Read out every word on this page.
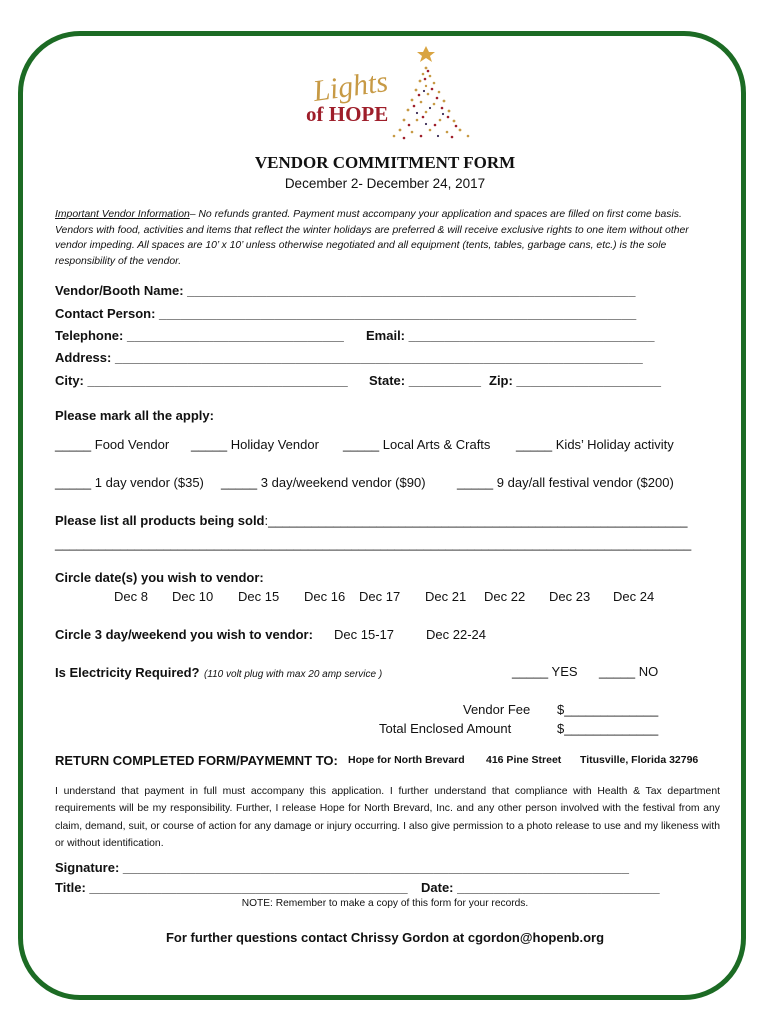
Lights
of HOPE
VENDOR COMMITMENT FORM
December 2- December 24, 2017
Important Vendor Information– No refunds granted. Payment must accompany your application and spaces are filled on first come basis. Vendors with food, activities and items that reflect the winter holidays are preferred & will receive exclusive rights to one item without other vendor impeding. All spaces are 10’ x 10’ unless otherwise negotiated and all equipment (tents, tables, garbage cans, etc.) is the sole responsibility of the vendor.
Vendor/Booth Name: ______________________________________________________________
Contact Person: __________________________________________________________________
Telephone: ______________________________ Email: __________________________________
Address: _________________________________________________________________________
City: ____________________________________ State: __________ Zip: ____________________
Please mark all the apply:
_____ Food Vendor _____ Holiday Vendor _____ Local Arts & Crafts _____ Kids’ Holiday activity
_____ 1 day vendor ($35) _____ 3 day/weekend vendor ($90) _____ 9 day/all festival vendor ($200)
Please list all products being sold:__________________________________________________________
________________________________________________________________________________________
Circle date(s) you wish to vendor:
Dec 8 Dec 10 Dec 15 Dec 16 Dec 17 Dec 21 Dec 22 Dec 23 Dec 24
Circle 3 day/weekend you wish to vendor: Dec 15-17 Dec 22-24
Is Electricity Required? (110 volt plug with max 20 amp service )	_____ YES _____ NO
Vendor Fee $_____________
Total Enclosed Amount	$_____________
RETURN COMPLETED FORM/PAYMEMNT TO: Hope for North Brevard 416 Pine Street Titusville, Florida 32796
I understand that payment in full must accompany this application. I further understand that compliance with Health & Tax department requirements will be my responsibility. Further, I release Hope for North Brevard, Inc. and any other person involved with the festival from any claim, demand, suit, or course of action for any damage or injury occurring. I also give permission to a photo release to use and my likeness with or without identification.
Signature: ______________________________________________________________________
Title: ____________________________________________ Date: ____________________________
NOTE: Remember to make a copy of this form for your records.
For further questions contact Chrissy Gordon at cgordon@hopenb.org
